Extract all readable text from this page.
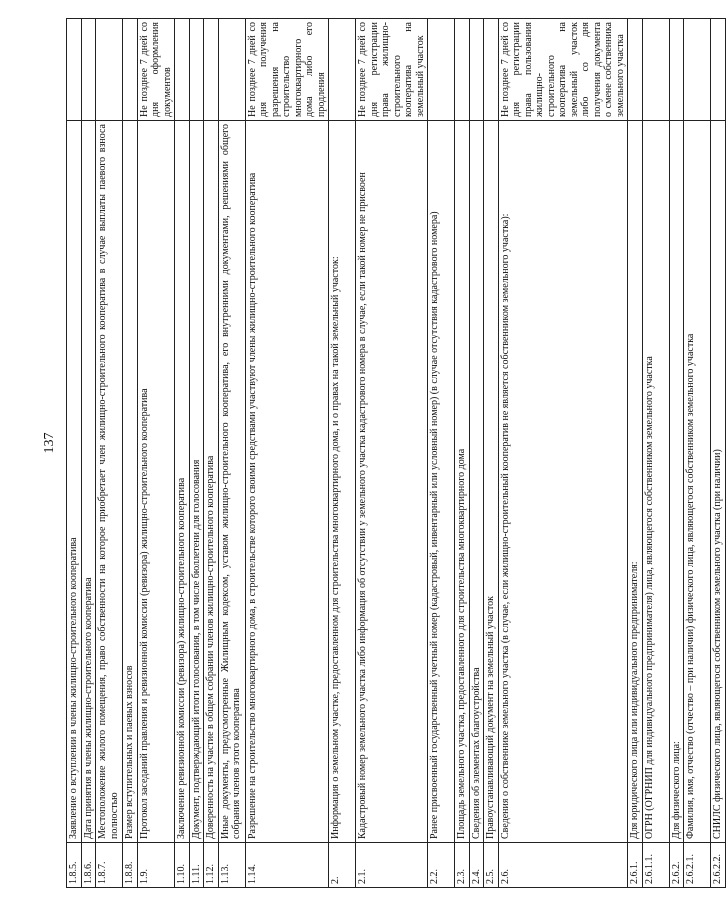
137
1.8.5.	Заявление о вступлении в члены жилищно-строительного кооператива	
1.8.6.	Дата принятия в члены жилищно-строительного кооператива	
1.8.7.	Местоположение жилого помещения, право собственности на которое приобретает член жилищно-строительного кооператива в случае выплаты паевого взноса полностью	
1.8.8.	Размер вступительных и паевых взносов	
1.9.	Протокол заседаний правления и ревизионной комиссии (ревизора) жилищно-строительного кооператива	Не позднее 7 дней со дня оформления документов
1.10.	Заключение ревизионной комиссии (ревизора) жилищно-строительного кооператива	
1.11.	Документ, подтверждающий итоги голосования, в том числе бюллетени для голосования	
1.12.	Доверенность на участие в общем собрании членов жилищно-строительного кооператива	
1.13.	Иные документы, предусмотренные Жилищным кодексом, уставом жилищно-строительного кооператива, его внутренними документами, решениями общего собрания членов этого кооператива	
1.14.	Разрешение на строительство многоквартирного дома, в строительстве которого своими средствами участвуют члены жилищно-строительного кооператива	Не позднее 7 дней со дня получения разрешения на строительство многоквартирного дома либо его продления
2.	Информация о земельном участке, предоставленном для строительства многоквартирного дома, и о правах на такой земельный участок:	
2.1.	Кадастровый номер земельного участка либо информация об отсутствии у земельного участка кадастрового номера в случае, если такой номер не присвоен	Не позднее 7 дней со дня регистрации права жилищно-строительного кооператива на земельный участок
2.2.	Ранее присвоенный государственный учетный номер (кадастровый, инвентарный или условный номер) (в случае отсутствия кадастрового номера)	
2.3.	Площадь земельного участка, предоставленного для строительства многоквартирного дома	
2.4.	Сведения об элементах благоустройства	
2.5.	Правоустанавливающий документ на земельный участок	
2.6.	Сведения о собственнике земельного участка (в случае, если жилищно-строительный кооператив не является собственником земельного участка):	Не позднее 7 дней со дня регистрации права пользования жилищно-строительного кооператива на земельный участок либо со дня получения документа о смене собственника земельного участка
2.6.1.	Для юридического лица или индивидуального предпринимателя:	
2.6.1.1.	ОГРН (ОГРНИП для индивидуального предпринимателя) лица, являющегося собственником земельного участка	
2.6.2.	Для физического лица:	
2.6.2.1.	Фамилия, имя, отчество (отчество – при наличии) физического лица, являющегося собственником земельного участка	
2.6.2.2.	СНИЛС физического лица, являющегося собственником земельного участка (при наличии)	
